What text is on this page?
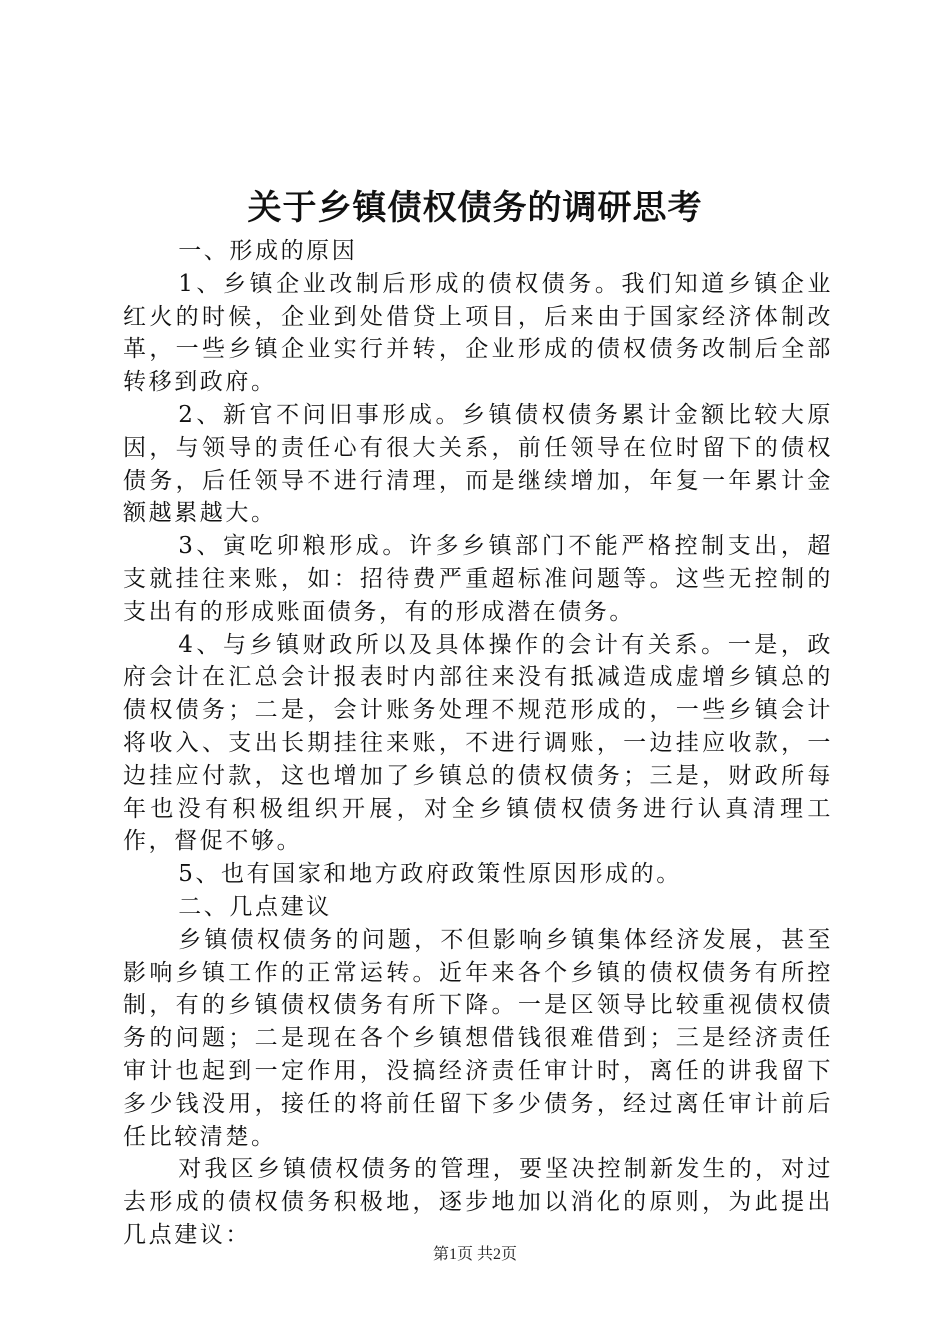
关于乡镇债权债务的调研思考

一、形成的原因

1、乡镇企业改制后形成的债权债务。我们知道乡镇企业红火的时候，企业到处借贷上项目，后来由于国家经济体制改革，一些乡镇企业实行并转，企业形成的债权债务改制后全部转移到政府。

2、新官不问旧事形成。乡镇债权债务累计金额比较大原因，与领导的责任心有很大关系，前任领导在位时留下的债权债务，后任领导不进行清理，而是继续增加，年复一年累计金额越累越大。

3、寅吃卯粮形成。许多乡镇部门不能严格控制支出，超支就挂往来账，如：招待费严重超标准问题等。这些无控制的支出有的形成账面债务，有的形成潜在债务。

4、与乡镇财政所以及具体操作的会计有关系。一是，政府会计在汇总会计报表时内部往来没有抵减造成虚增乡镇总的债权债务；二是，会计账务处理不规范形成的，一些乡镇会计将收入、支出长期挂往来账，不进行调账，一边挂应收款，一边挂应付款，这也增加了乡镇总的债权债务；三是，财政所每年也没有积极组织开展，对全乡镇债权债务进行认真清理工作，督促不够。

5、也有国家和地方政府政策性原因形成的。

二、几点建议

乡镇债权债务的问题，不但影响乡镇集体经济发展，甚至影响乡镇工作的正常运转。近年来各个乡镇的债权债务有所控制，有的乡镇债权债务有所下降。一是区领导比较重视债权债务的问题；二是现在各个乡镇想借钱很难借到；三是经济责任审计也起到一定作用，没搞经济责任审计时，离任的讲我留下多少钱没用，接任的将前任留下多少债务，经过离任审计前后任比较清楚。

对我区乡镇债权债务的管理，要坚决控制新发生的，对过去形成的债权债务积极地，逐步地加以消化的原则，为此提出几点建议：

第1页 共2页
